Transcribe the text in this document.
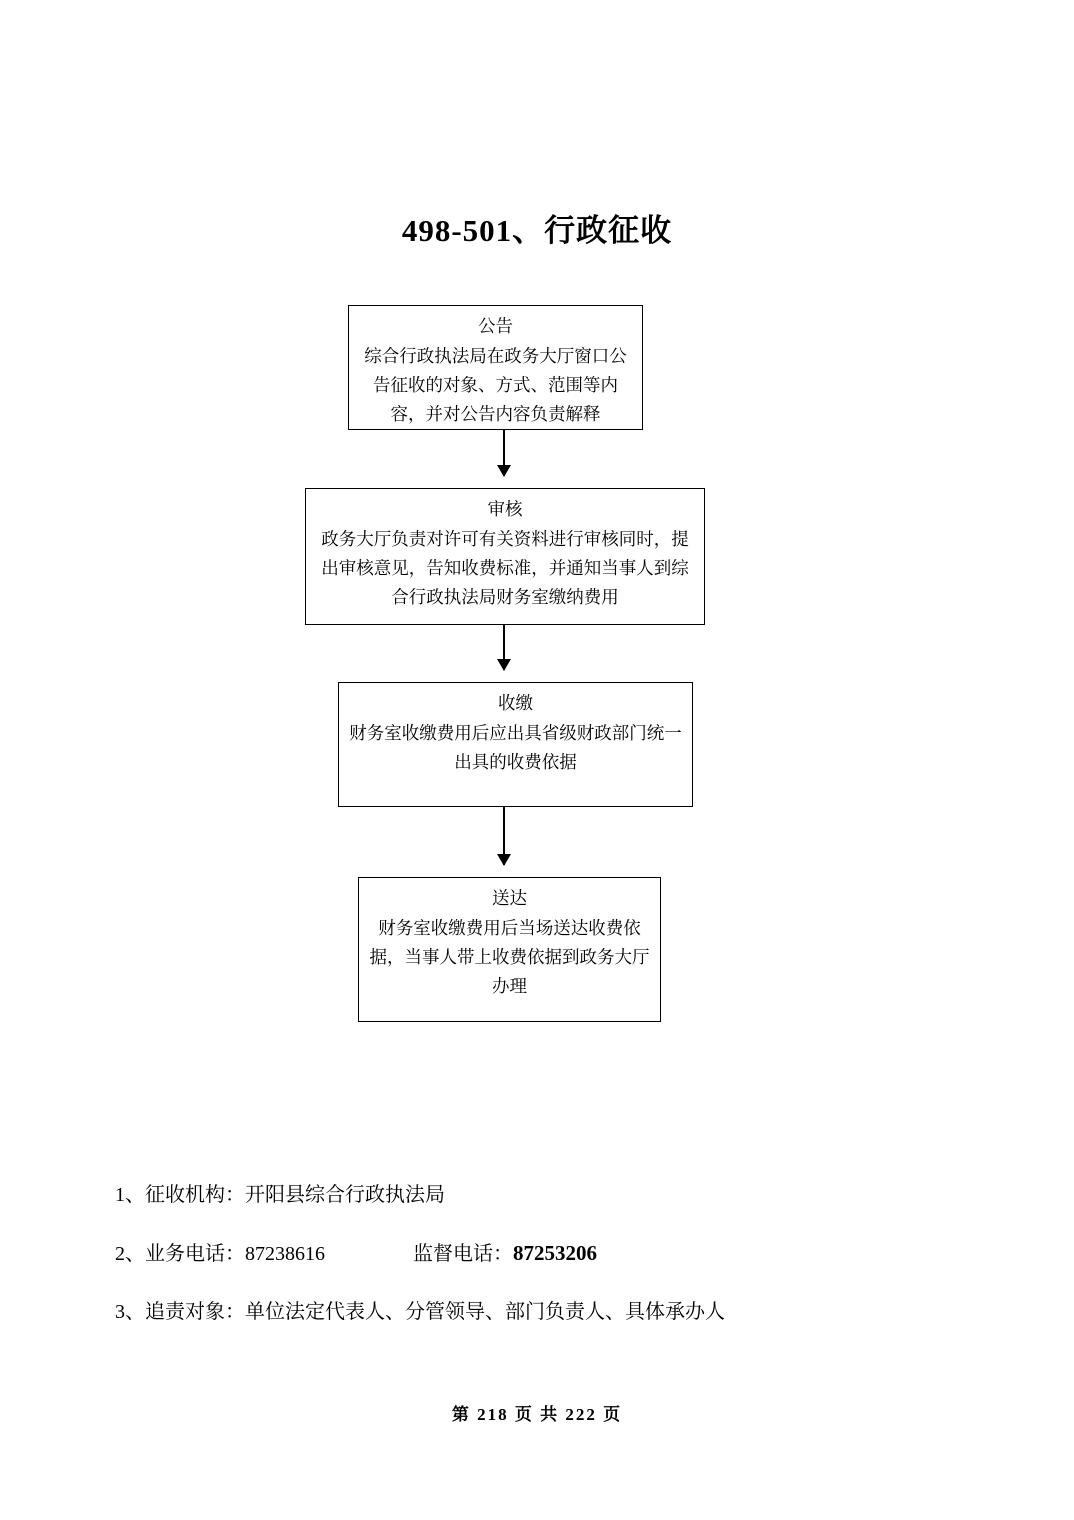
498-501、行政征收
公告
综合行政执法局在政务大厅窗口公告征收的对象、方式、范围等内容，并对公告内容负责解释
审核
政务大厅负责对许可有关资料进行审核同时，提出审核意见，告知收费标准，并通知当事人到综合行政执法局财务室缴纳费用
收缴
财务室收缴费用后应出具省级财政部门统一出具的收费依据
送达
财务室收缴费用后当场送达收费依据，当事人带上收费依据到政务大厅办理
1、征收机构：开阳县综合行政执法局
2、业务电话：87238616	监督电话：87253206
3、追责对象：单位法定代表人、分管领导、部门负责人、具体承办人
第 218 页 共 222 页
